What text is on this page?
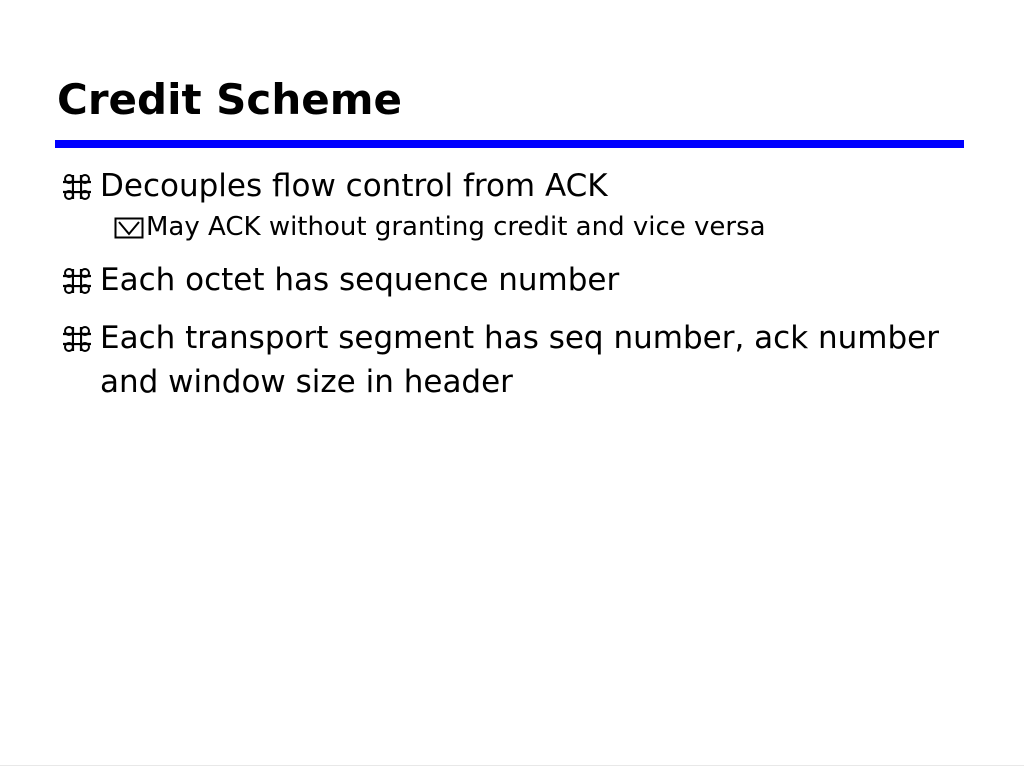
Credit Scheme
Decouples flow control from ACK
May ACK without granting credit and vice versa
Each octet has sequence number
Each transport segment has seq number, ack number and window size in header
